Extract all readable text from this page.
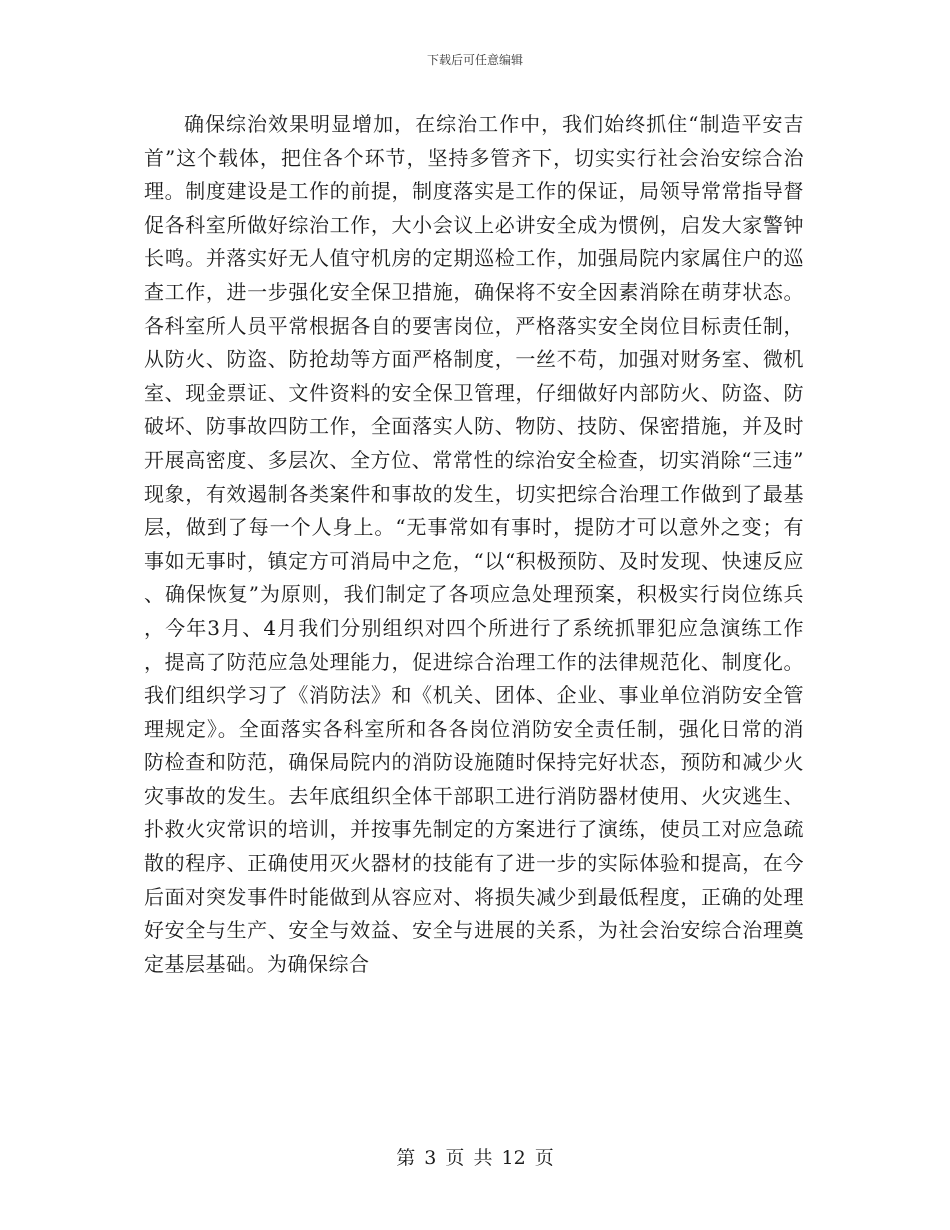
下载后可任意编辑

确保综治效果明显增加，在综治工作中，我们始终抓住“制造平安吉首”这个载体，把住各个环节，坚持多管齐下，切实实行社会治安综合治理。制度建设是工作的前提，制度落实是工作的保证，局领导常常指导督促各科室所做好综治工作，大小会议上必讲安全成为惯例，启发大家警钟长鸣。并落实好无人值守机房的定期巡检工作，加强局院内家属住户的巡查工作，进一步强化安全保卫措施，确保将不安全因素消除在萌芽状态。各科室所人员平常根据各自的要害岗位，严格落实安全岗位目标责任制，从防火、防盗、防抢劫等方面严格制度，一丝不苟，加强对财务室、微机室、现金票证、文件资料的安全保卫管理，仔细做好内部防火、防盗、防破坏、防事故四防工作，全面落实人防、物防、技防、保密措施，并及时开展高密度、多层次、全方位、常常性的综治安全检查，切实消除“三违”现象，有效遏制各类案件和事故的发生，切实把综合治理工作做到了最基层，做到了每一个人身上。“无事常如有事时，提防才可以意外之变；有事如无事时，镇定方可消局中之危，“以“积极预防、及时发现、快速反应、确保恢复”为原则，我们制定了各项应急处理预案，积极实行岗位练兵，今年3月、4月我们分别组织对四个所进行了系统抓罪犯应急演练工作，提高了防范应急处理能力，促进综合治理工作的法律规范化、制度化。我们组织学习了《消防法》和《机关、团体、企业、事业单位消防安全管理规定》。全面落实各科室所和各各岗位消防安全责任制，强化日常的消防检查和防范，确保局院内的消防设施随时保持完好状态，预防和减少火灾事故的发生。去年底组织全体干部职工进行消防器材使用、火灾逃生、扑救火灾常识的培训，并按事先制定的方案进行了演练，使员工对应急疏散的程序、正确使用灭火器材的技能有了进一步的实际体验和提高，在今后面对突发事件时能做到从容应对、将损失减少到最低程度，正确的处理好安全与生产、安全与效益、安全与进展的关系，为社会治安综合治理奠定基层基础。为确保综合

第 3 页 共 12 页
